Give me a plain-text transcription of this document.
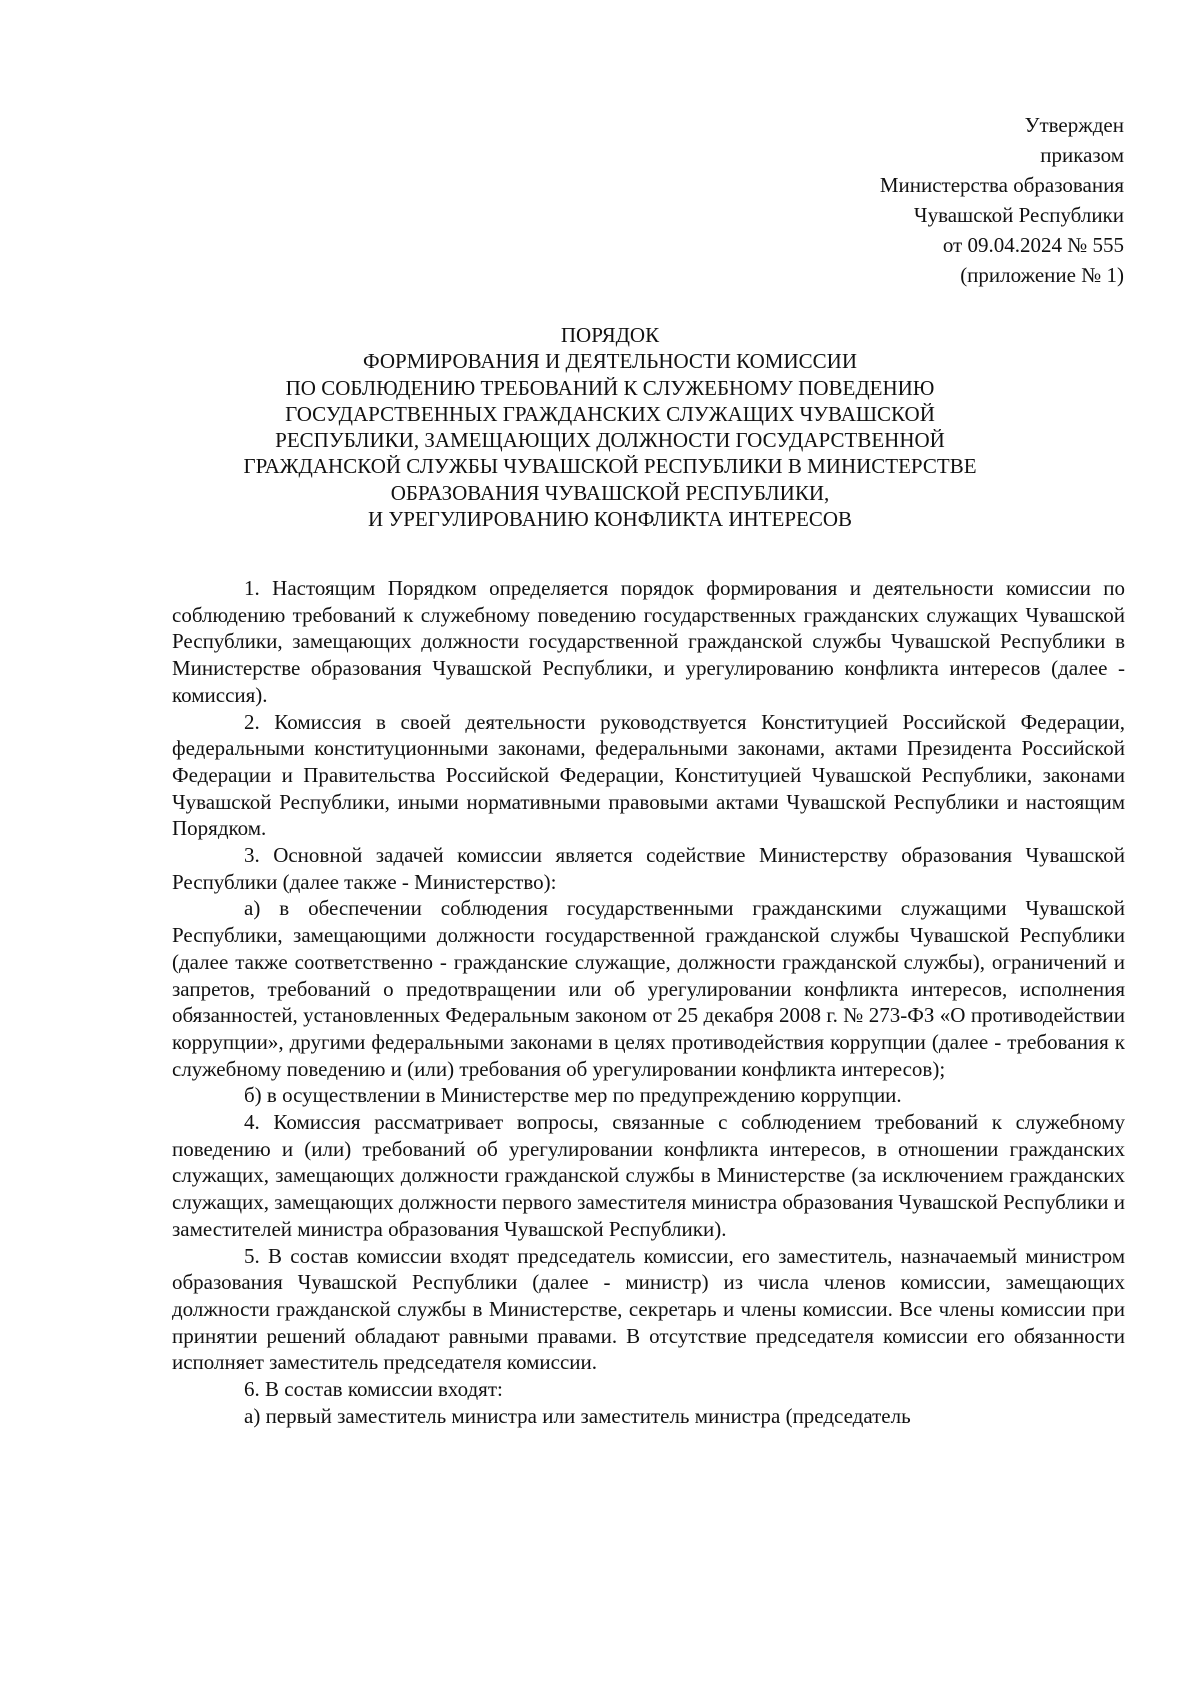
Утвержден
приказом
Министерства образования
Чувашской Республики
от 09.04.2024 № 555
(приложение № 1)
ПОРЯДОК
ФОРМИРОВАНИЯ И ДЕЯТЕЛЬНОСТИ КОМИССИИ
ПО СОБЛЮДЕНИЮ ТРЕБОВАНИЙ К СЛУЖЕБНОМУ ПОВЕДЕНИЮ
ГОСУДАРСТВЕННЫХ ГРАЖДАНСКИХ СЛУЖАЩИХ ЧУВАШСКОЙ
РЕСПУБЛИКИ, ЗАМЕЩАЮЩИХ ДОЛЖНОСТИ ГОСУДАРСТВЕННОЙ
ГРАЖДАНСКОЙ СЛУЖБЫ ЧУВАШСКОЙ РЕСПУБЛИКИ В МИНИСТЕРСТВЕ
ОБРАЗОВАНИЯ ЧУВАШСКОЙ РЕСПУБЛИКИ,
И УРЕГУЛИРОВАНИЮ КОНФЛИКТА ИНТЕРЕСОВ

1. Настоящим Порядком определяется порядок формирования и деятельности комиссии по соблюдению требований к служебному поведению государственных гражданских служащих Чувашской Республики, замещающих должности государственной гражданской службы Чувашской Республики в Министерстве образования Чувашской Республики, и урегулированию конфликта интересов (далее - комиссия).

2. Комиссия в своей деятельности руководствуется Конституцией Российской Федерации, федеральными конституционными законами, федеральными законами, актами Президента Российской Федерации и Правительства Российской Федерации, Конституцией Чувашской Республики, законами Чувашской Республики, иными нормативными правовыми актами Чувашской Республики и настоящим Порядком.

3. Основной задачей комиссии является содействие Министерству образования Чувашской Республики (далее также - Министерство):

а) в обеспечении соблюдения государственными гражданскими служащими Чувашской Республики, замещающими должности государственной гражданской службы Чувашской Республики (далее также соответственно - гражданские служащие, должности гражданской службы), ограничений и запретов, требований о предотвращении или об урегулировании конфликта интересов, исполнения обязанностей, установленных Федеральным законом от 25 декабря 2008 г. № 273-ФЗ «О противодействии коррупции», другими федеральными законами в целях противодействия коррупции (далее - требования к служебному поведению и (или) требования об урегулировании конфликта интересов);

б) в осуществлении в Министерстве мер по предупреждению коррупции.

4. Комиссия рассматривает вопросы, связанные с соблюдением требований к служебному поведению и (или) требований об урегулировании конфликта интересов, в отношении гражданских служащих, замещающих должности гражданской службы в Министерстве (за исключением гражданских служащих, замещающих должности первого заместителя министра образования Чувашской Республики и заместителей министра образования Чувашской Республики).

5. В состав комиссии входят председатель комиссии, его заместитель, назначаемый министром образования Чувашской Республики (далее - министр) из числа членов комиссии, замещающих должности гражданской службы в Министерстве, секретарь и члены комиссии. Все члены комиссии при принятии решений обладают равными правами. В отсутствие председателя комиссии его обязанности исполняет заместитель председателя комиссии.

6. В состав комиссии входят:

а) первый заместитель министра или заместитель министра (председатель
